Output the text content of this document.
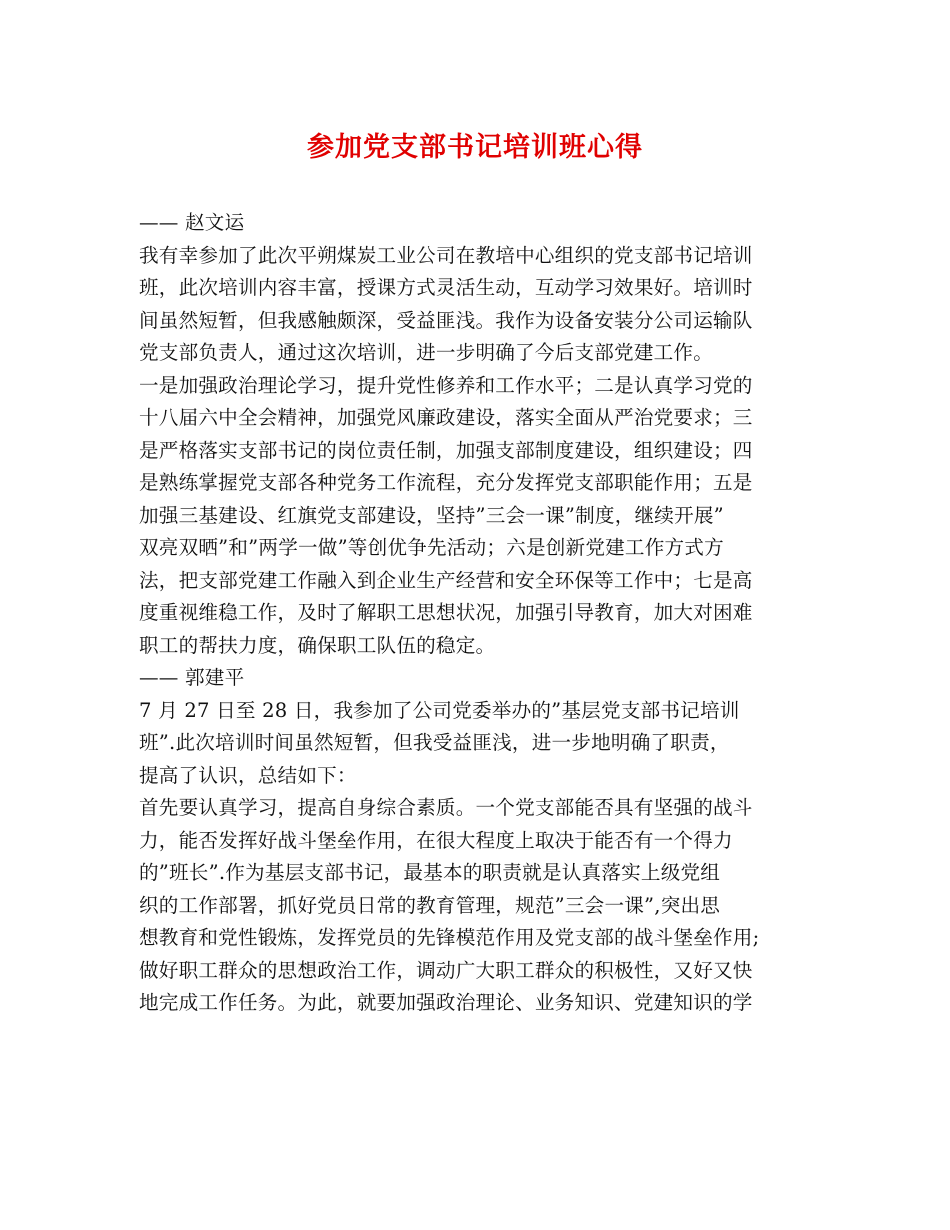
参加党支部书记培训班心得
—— 赵文运
我有幸参加了此次平朔煤炭工业公司在教培中心组织的党支部书记培训
班，此次培训内容丰富，授课方式灵活生动，互动学习效果好。培训时
间虽然短暂，但我感触颇深，受益匪浅。我作为设备安装分公司运输队
党支部负责人，通过这次培训，进一步明确了今后支部党建工作。
一是加强政治理论学习，提升党性修养和工作水平；二是认真学习党的
十八届六中全会精神，加强党风廉政建设，落实全面从严治党要求；三
是严格落实支部书记的岗位责任制，加强支部制度建设，组织建设；四
是熟练掌握党支部各种党务工作流程，充分发挥党支部职能作用；五是
加强三基建设、红旗党支部建设，坚持”三会一课”制度，继续开展”
双亮双晒”和”两学一做”等创优争先活动；六是创新党建工作方式方
法，把支部党建工作融入到企业生产经营和安全环保等工作中；七是高
度重视维稳工作，及时了解职工思想状况，加强引导教育，加大对困难
职工的帮扶力度，确保职工队伍的稳定。
—— 郭建平
7 月 27 日至 28 日，我参加了公司党委举办的”基层党支部书记培训
班”.此次培训时间虽然短暂，但我受益匪浅，进一步地明确了职责，
提高了认识，总结如下：
首先要认真学习，提高自身综合素质。一个党支部能否具有坚强的战斗
力，能否发挥好战斗堡垒作用，在很大程度上取决于能否有一个得力
的”班长”.作为基层支部书记，最基本的职责就是认真落实上级党组
织的工作部署，抓好党员日常的教育管理，规范”三会一课”,突出思
想教育和党性锻炼，发挥党员的先锋模范作用及党支部的战斗堡垒作用;
做好职工群众的思想政治工作，调动广大职工群众的积极性，又好又快
地完成工作任务。为此，就要加强政治理论、业务知识、党建知识的学
